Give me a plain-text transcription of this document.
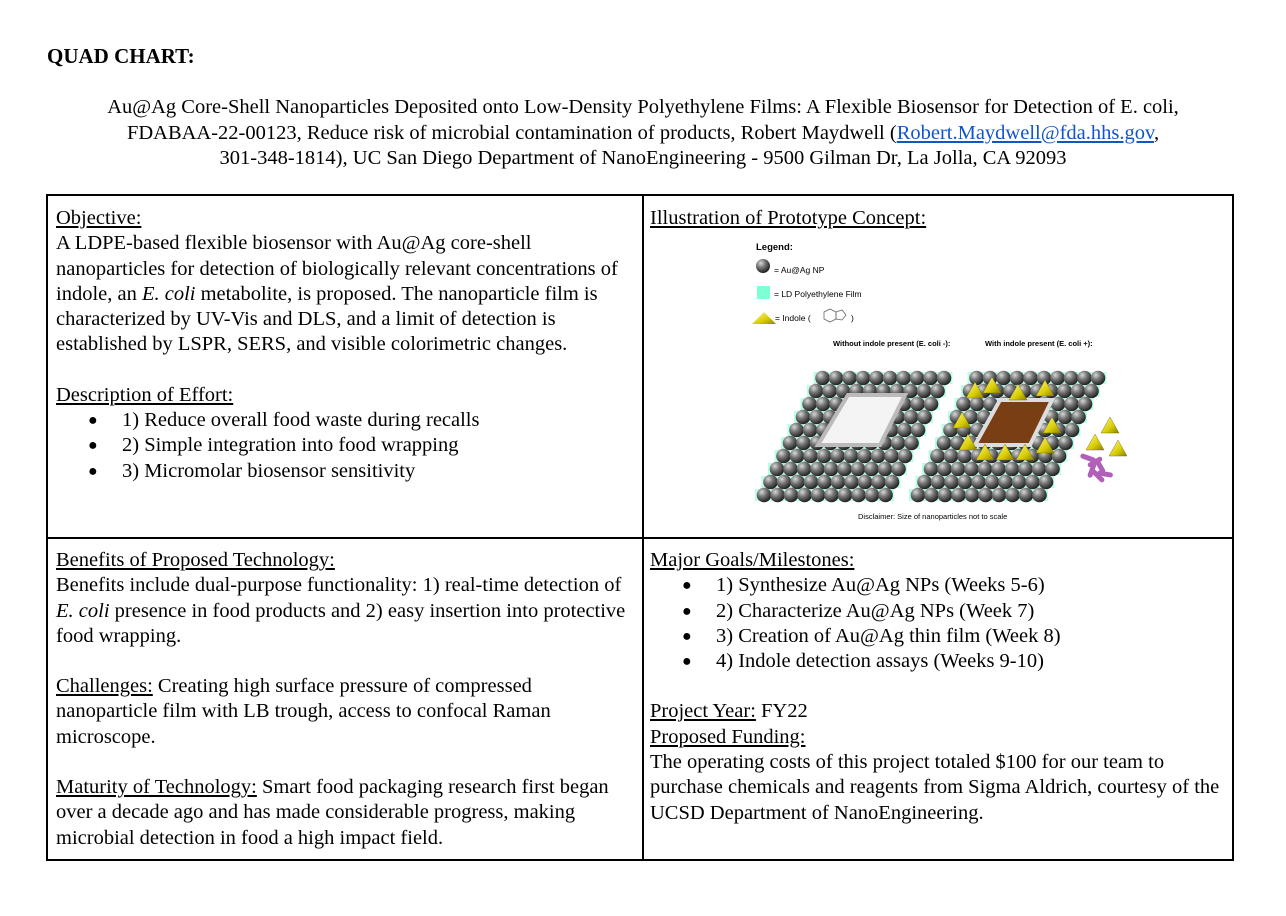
QUAD CHART:
Au@Ag Core-Shell Nanoparticles Deposited onto Low-Density Polyethylene Films: A Flexible Biosensor for Detection of E. coli,
FDABAA-22-00123, Reduce risk of microbial contamination of products, Robert Maydwell (Robert.Maydwell@fda.hhs.gov,
301-348-1814), UC San Diego Department of NanoEngineering - 9500 Gilman Dr, La Jolla, CA 92093
Objective:
A LDPE-based flexible biosensor with Au@Ag core-shell nanoparticles for detection of biologically relevant concentrations of indole, an E. coli metabolite, is proposed. The nanoparticle film is characterized by UV-Vis and DLS, and a limit of detection is established by LSPR, SERS, and visible colorimetric changes.
Description of Effort:
● 1) Reduce overall food waste during recalls
● 2) Simple integration into food wrapping
● 3) Micromolar biosensor sensitivity
Illustration of Prototype Concept:
Benefits of Proposed Technology:
Benefits include dual-purpose functionality: 1) real-time detection of E. coli presence in food products and 2) easy insertion into protective food wrapping.
Challenges: Creating high surface pressure of compressed nanoparticle film with LB trough, access to confocal Raman microscope.
Maturity of Technology: Smart food packaging research first began over a decade ago and has made considerable progress, making microbial detection in food a high impact field.
Major Goals/Milestones:
● 1) Synthesize Au@Ag NPs (Weeks 5-6)
● 2) Characterize Au@Ag NPs (Week 7)
● 3) Creation of Au@Ag thin film (Week 8)
● 4) Indole detection assays (Weeks 9-10)
Project Year: FY22
Proposed Funding:
The operating costs of this project totaled $100 for our team to purchase chemicals and reagents from Sigma Aldrich, courtesy of the UCSD Department of NanoEngineering.
Legend:
= Au@Ag NP
= LD Polyethylene Film
= Indole (	)
Without indole present (E. coli -):	With indole present (E. coli +):
Disclaimer: Size of nanoparticles not to scale
